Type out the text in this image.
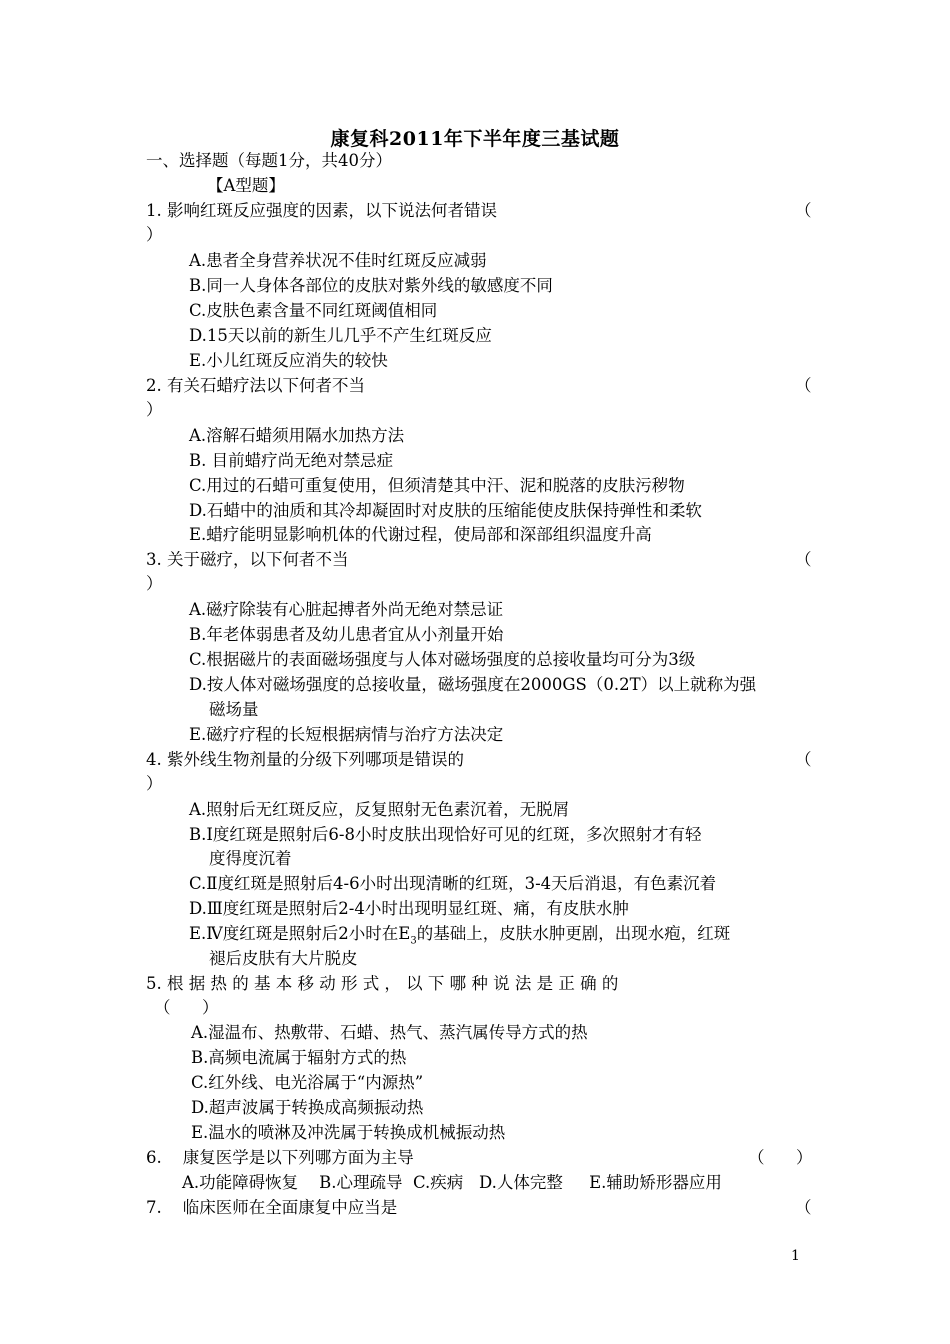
康复科2011年下半年度三基试题
一、选择题（每题1分，共40分）
【A型题】
1. 影响红斑反应强度的因素，以下说法何者错误	（
）
A.患者全身营养状况不佳时红斑反应减弱
B.同一人身体各部位的皮肤对紫外线的敏感度不同
C.皮肤色素含量不同红斑阈值相同
D.15天以前的新生儿几乎不产生红斑反应
E.小儿红斑反应消失的较快
2. 有关石蜡疗法以下何者不当	（
）
A.溶解石蜡须用隔水加热方法
B. 目前蜡疗尚无绝对禁忌症
C.用过的石蜡可重复使用，但须清楚其中汗、泥和脱落的皮肤污秽物
D.石蜡中的油质和其冷却凝固时对皮肤的压缩能使皮肤保持弹性和柔软
E.蜡疗能明显影响机体的代谢过程，使局部和深部组织温度升高
3. 关于磁疗，以下何者不当	（
）
A.磁疗除装有心脏起搏者外尚无绝对禁忌证
B.年老体弱患者及幼儿患者宜从小剂量开始
C.根据磁片的表面磁场强度与人体对磁场强度的总接收量均可分为3级
D.按人体对磁场强度的总接收量，磁场强度在2000GS（0.2T）以上就称为强
磁场量
E.磁疗疗程的长短根据病情与治疗方法决定
4. 紫外线生物剂量的分级下列哪项是错误的	（
）
A.照射后无红斑反应，反复照射无色素沉着，无脱屑
B.Ⅰ度红斑是照射后6-8小时皮肤出现恰好可见的红斑，多次照射才有轻
度得度沉着
C.Ⅱ度红斑是照射后4-6小时出现清晰的红斑，3-4天后消退，有色素沉着
D.Ⅲ度红斑是照射后2-4小时出现明显红斑、痛，有皮肤水肿
E.Ⅳ度红斑是照射后2小时在$E_3$的基础上，皮肤水肿更剧，出现水疱，红斑
褪后皮肤有大片脱皮
5. 根 据 热 的 基 本 移 动 形 式 ， 以 下 哪 种 说 法 是 正 确 的
（      ）
A.湿温布、热敷带、石蜡、热气、蒸汽属传导方式的热
B.高频电流属于辐射方式的热
C.红外线、电光浴属于“内源热”
D.超声波属于转换成高频振动热
E.温水的喷淋及冲洗属于转换成机械振动热
6.    康复医学是以下列哪方面为主导	（      ）
A.功能障碍恢复    B.心理疏导  C.疾病   D.人体完整     E.辅助矫形器应用
7.    临床医师在全面康复中应当是	（
1
